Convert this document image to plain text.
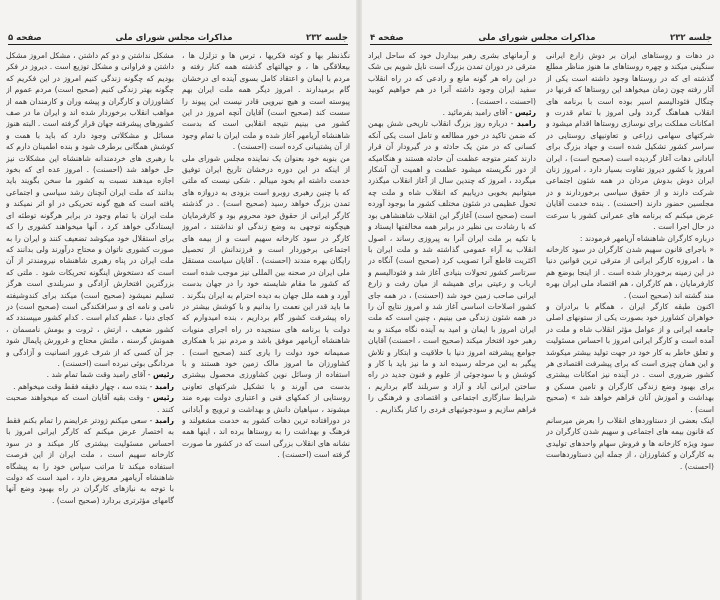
صفحه ۵	مذاکرات مجلس شورای ملی	جلسه ۲۳۲

نگذنظر بها و کوته فکریها ، ترس ها و تزلزل ها ، بیعلاقگی ها ، و جهالتهای گذشته همه کنار رفته و مردم با ایمان و اعتقاد کامل بسوی آینده ای درخشان گام برمیدارند . امروز دیگر همه ملت ایران بهم پیوسته است و هیچ نیرویی قادر نیست این پیوند را سست کند (صحیح است) آقایان آنچه امروز در این کشور می بینیم نتیجه انقلابی است که بدست شاهنشاه آریامهر آغاز شده و ملت ایران با تمام وجود از آن پشتیبانی کرده است (احسنت) .

من بنوبه خود بعنوان یک نماینده مجلس شورای ملی از اینکه در این دوره درخشان تاریخ ایران توفیق خدمت داشته ام بخود میبالم . شکی نیست که ملتی که با چنین رهبری روبرو است بزودی به دروازه های تمدن بزرگ خواهد رسید (صحیح است) . در گذشته کارگر ایرانی از حقوق خود محروم بود و کارفرمایان هیچگونه توجهی به وضع زندگی او نداشتند ، امروز کارگر در سود کارخانه سهیم است و از بیمه های اجتماعی برخوردار است و فرزندانش از تحصیل رایگان بهره مندند (احسنت) . آقایان سیاست مستقل ملی ایران در صحنه بین المللی نیز موجب شده است که کشور ما مقام شایسته خود را در جهان بدست آورد و همه ملل جهان به دیده احترام به ایران بنگرند . ما باید قدر این نعمت را بدانیم و با کوشش بیشتر در راه پیشرفت کشور گام برداریم ، بنده امیدوارم که دولت با برنامه های سنجیده در راه اجرای منویات شاهنشاه آریامهر موفق باشد و مردم نیز با همکاری صمیمانه خود دولت را یاری کنند (صحیح است) . کشاورزان ما امروز مالک زمین خود هستند و با استفاده از وسائل نوین کشاورزی محصول بیشتری بدست می آورند و با تشکیل شرکتهای تعاونی روستایی از کمکهای فنی و اعتباری دولت بهره مند میشوند ، سپاهیان دانش و بهداشت و ترویج و آبادانی در دورافتاده ترین دهات کشور به خدمت مشغولند و فرهنگ و بهداشت را به روستاها برده اند ، اینها همه نشانه های انقلاب بزرگی است که در کشور ما صورت گرفته است (احسنت) .

مشکل نداشتن و دو کم داشتن ، مشکل امروز مشکل داشتن و فراوانی و مشکل توزیع است . دیروز در فکر بودیم که چگونه زندگی کنیم امروز در این فکریم که چگونه بهتر زندگی کنیم (صحیح است) مردم عموم از کشاورزان و کارگران و پیشه وران و کارمندان همه از مواهب انقلاب برخوردار شده اند و ایران ما در صف کشورهای پیشرفته جهان قرار گرفته است . البته هنوز مسائل و مشکلاتی وجود دارد که باید با همت و کوشش همگانی برطرف شود و بنده اطمینان دارم که با رهبری های خردمندانه شاهنشاه این مشکلات نیز حل خواهد شد (احسنت) . امروز عده ای که بخود اجازه میدهند نسبت به کشور ما سخن بگویند باید بدانند که ملت ایران آنچنان رشد سیاسی و اجتماعی یافته است که هیچ گونه تحریکی در او اثر نمیکند و ملت ایران با تمام وجود در برابر هرگونه توطئه ای ایستادگی خواهد کرد ، آنها میخواهند کشوری را که برای استقلال خود میکوشد تضعیف کنند و ایران را به صورت کشوری ناتوان و محتاج درآورند ولی بدانند که ملت ایران در پناه رهبری شاهنشاه نیرومندتر از آن است که دستخوش اینگونه تحریکات شود . ملتی که بزرگترین افتخارش آزادگی و سربلندی است هرگز تسلیم نمیشود (صحیح است) میکند برای کندوشیفته نامی و نامه ای و سرافکندگی است (صحیح است) در کجای دنیا ، عظم کدام است . کدام کشور میپسندد که کشور ضعیف ، ارتش ، ثروت و بومش نامسمان ، همونش گرسنه ، ملتش محتاج و غرورش پایمال شود جز آن کسی که از شرف غرور انسانیت و آزادگی و مردانگی بوئی نبرده است (احسنت) .

رئیس - آقای رامبد وقت شما تمام شد .

رامبد - بنده سه ، چهار دقیقه فقط وقت میخواهم .

رئیس - وقت بقیه آقایان است که میخواهند صحبت کنند .

رامبد - سعی میکنم زودتر عرایضم را تمام بکنم فقط به اختصار عرض میکنم که کارگر ایرانی امروز با احساس مسئولیت بیشتری کار میکند و در سود کارخانه سهیم است ، ملت ایران از این فرصت استفاده میکند تا مراتب سپاس خود را به پیشگاه شاهنشاه آریامهر معروض دارد ، امید است که دولت با توجه به نیازهای کارگران در راه بهبود وضع آنها گامهای مؤثرتری بردارد (صحیح است) .

صفحه ۴	مذاکرات مجلس شورای ملی	جلسه ۲۳۲

در دهات و روستاهای ایران بر دوش زارع ایرانی سنگینی میکند و چهره روستاهای ما هنوز مناظر مطلع گذشته ای که در روستاها وجود داشته است یکی از آثار رفته چون زمان میخواهد این روستاها که قرنها در چنگال فئودالیسم اسیر بوده است با برنامه های انقلاب هماهنگ گردد ولی امروز با تمام قدرت و امکانات مملکت برای نوسازی روستاها اقدام میشود و شرکتهای سهامی زراعی و تعاونیهای روستایی در سراسر کشور تشکیل شده است و جهاد بزرگ برای آبادانی دهات آغاز گردیده است (صحیح است) ، ایران امروز با کشور دیروز تفاوت بسیار دارد ، امروز زنان ایران دوش بدوش مردان در همه شئون اجتماعی شرکت دارند و از حقوق سیاسی برخوردارند و در مجلسین حضور دارند (احسنت) . بنده خدمت آقایان عرض میکنم که برنامه های عمرانی کشور با سرعت در حال اجرا است .

درباره کارگران شاهنشاه آریامهر فرمودند :

« باجرای قانون سهیم شدن کارگران در سود کارخانه ها ، امروزه کارگر ایرانی از مترقی ترین قوانین دنیا در این زمینه برخوردار شده است . از اینجا بوضع هم کارفرمایان ، هم کارگران ، هم اقتصاد ملی ایران بهره مند گشته اند (صحیح است) .

اکنون طبقه کارگر ایران ، همگام با برادران و خواهران کشاورز خود بصورت یکی از ستونهای اصلی جامعه ایرانی و از عوامل مؤثر انقلاب شاه و ملت در آمده است و کارگر ایرانی امروز با احساس مسئولیت و تعلق خاطر به کار خود در جهت تولید بیشتر میکوشد و این همان چیزی است که برای پیشرفت اقتصادی هر کشور ضروری است . در آینده نیز امکانات بیشتری برای بهبود وضع زندگی کارگران و تامین مسکن و بهداشت و آموزش آنان فراهم خواهد شد » (صحیح است) .

اینک بعضی از دستاوردهای انقلاب را بعرض میرسانم که قانون بیمه های اجتماعی و سهیم شدن کارگران در سود ویژه کارخانه ها و فروش سهام واحدهای تولیدی به کارگران و کشاورزان ، از جمله این دستاوردهاست (احسنت) .

و آرمانهای بشری رهبر بیداردل خود که ساحل ایراد مترقی در دوران تمدن بزرگ است نایل شویم بی شک در این راه هر گونه مانع و رادعی که در راه انقلاب سفید ایران وجود داشته آنرا در هم خواهیم کوبید (احسنت ، احسنت) .

رئیس - آقای رامبد بفرمائید .

رامبد - درباره روز بزرگ انقلاب تاریخی شش بهمن که ضمن تاکید در خور مطالعه و تامل است یکی آنکه کسانی که در متن یک حادثه و در گیرودار آن قرار دارند کمتر متوجه عظمت آن حادثه هستند و هنگامیکه از دور نگریسته میشود عظمت و اهمیت آن آشکار میگردد ، امروز که چندین سال از آغاز انقلاب میگذرد میتوانیم بخوبی دریابیم که انقلاب شاه و ملت چه تحول عظیمی در شئون مختلف کشور ما بوجود آورده است (صحیح است) آغازگر این انقلاب شاهنشاهی بود که با رشادت بی نظیر در برابر همه مخالفتها ایستاد و با تکیه بر ملت ایران آنرا به پیروزی رساند ، اصول انقلاب به آراء عمومی گذاشته شد و ملت ایران با اکثریت قاطع آنرا تصویب کرد (صحیح است) آنگاه در سرتاسر کشور تحولات بنیادی آغاز شد و فئودالیسم و ارباب و رعیتی برای همیشه از میان رفت و زارع ایرانی صاحب زمین خود شد (احسنت) ، در همه جای کشور اصلاحات اساسی آغاز شد و امروز نتایج آن را در همه شئون زندگی می بینیم ، چنین است که ملت ایران امروز با ایمان و امید به آینده نگاه میکند و به رهبر خود افتخار میکند (صحیح است ، احسنت) آقایان جوامع پیشرفته امروز دنیا با خلاقیت و ابتکار و تلاش پیگیر به این مرحله رسیده اند و ما نیز باید با کار و کوشش و با سودجوئی از علوم و فنون جدید در راه ساختن ایرانی آباد و آزاد و سربلند گام برداریم ، شرایط سازگاری اجتماعی و اقتصادی و فرهنگی را فراهم سازیم و سودجوئیهای فردی را کنار بگذاریم .
